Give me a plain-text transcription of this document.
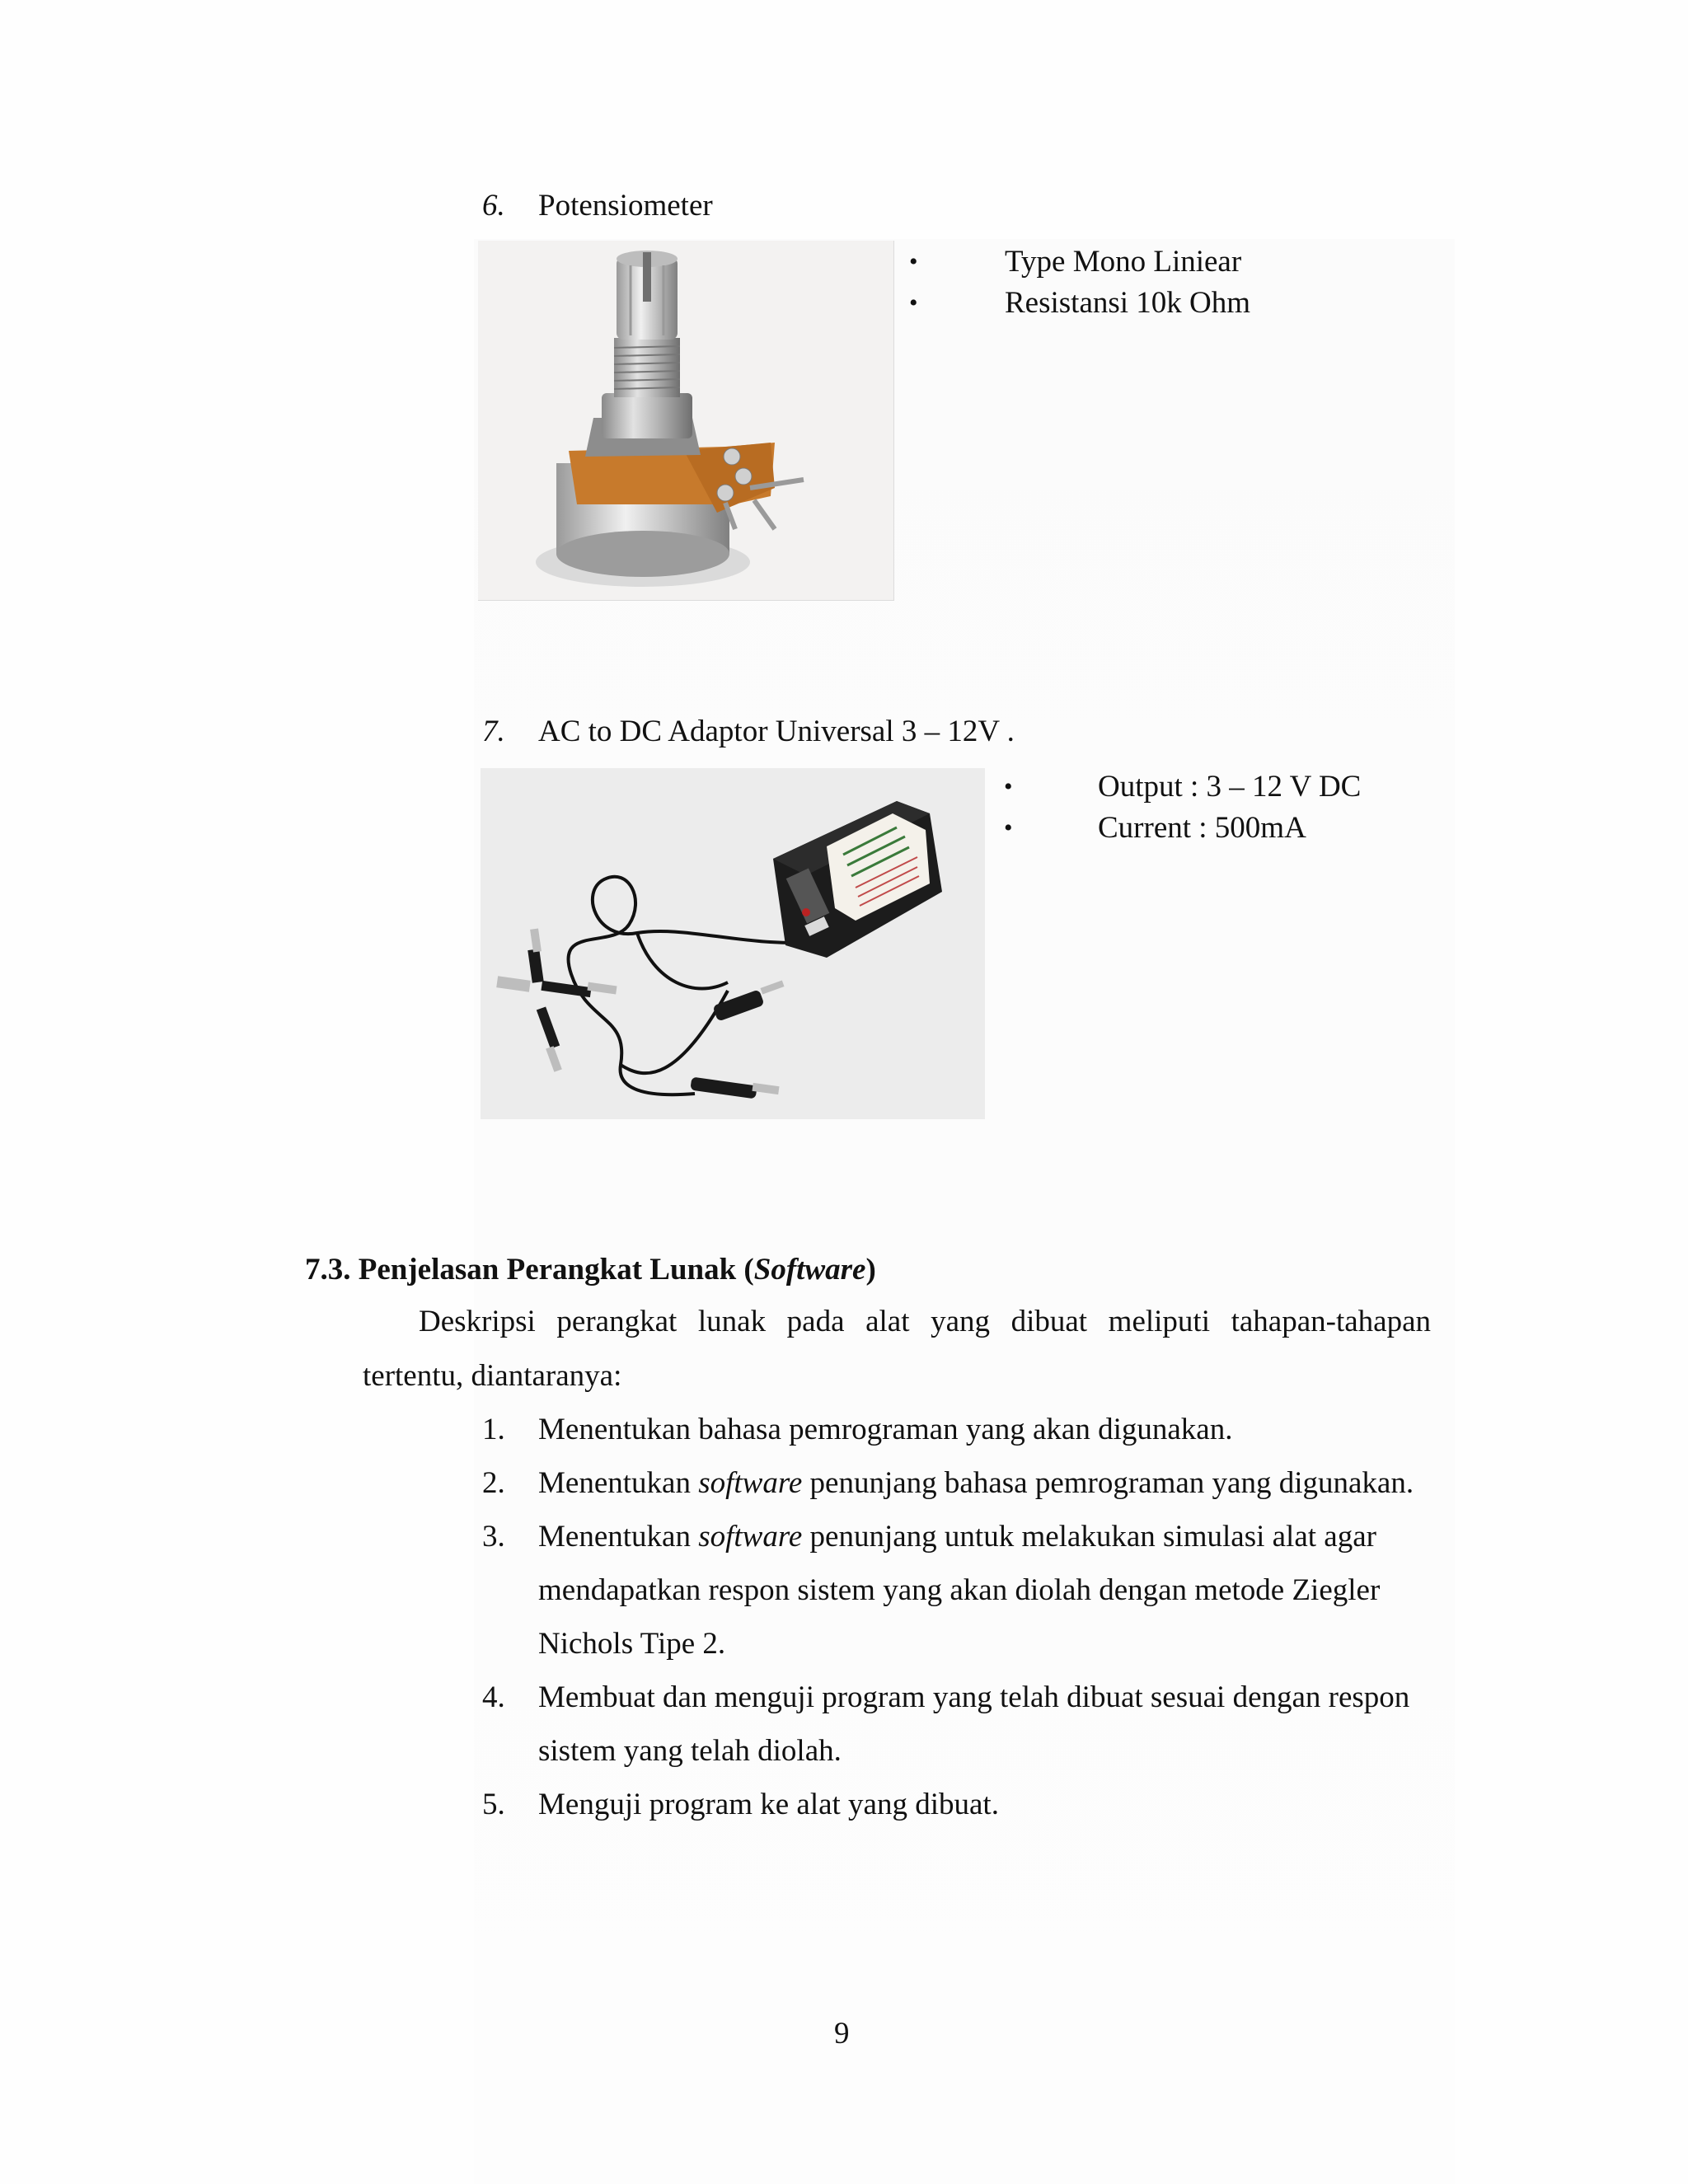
6. Potensiometer
•	Type Mono Liniear
•	Resistansi 10k Ohm
7. AC to DC Adaptor Universal 3 – 12V .
•	Output : 3 – 12 V DC
•	Current : 500mA
7.3. Penjelasan Perangkat Lunak (Software)
Deskripsi perangkat lunak pada alat yang dibuat meliputi tahapan-tahapan
tertentu, diantaranya:
1. Menentukan bahasa pemrograman yang akan digunakan.
2. Menentukan software penunjang bahasa pemrograman yang digunakan.
3. Menentukan software penunjang untuk melakukan simulasi alat agar
mendapatkan respon sistem yang akan diolah dengan metode Ziegler
Nichols Tipe 2.
4. Membuat dan menguji program yang telah dibuat sesuai dengan respon
sistem yang telah diolah.
5. Menguji program ke alat yang dibuat.
9
